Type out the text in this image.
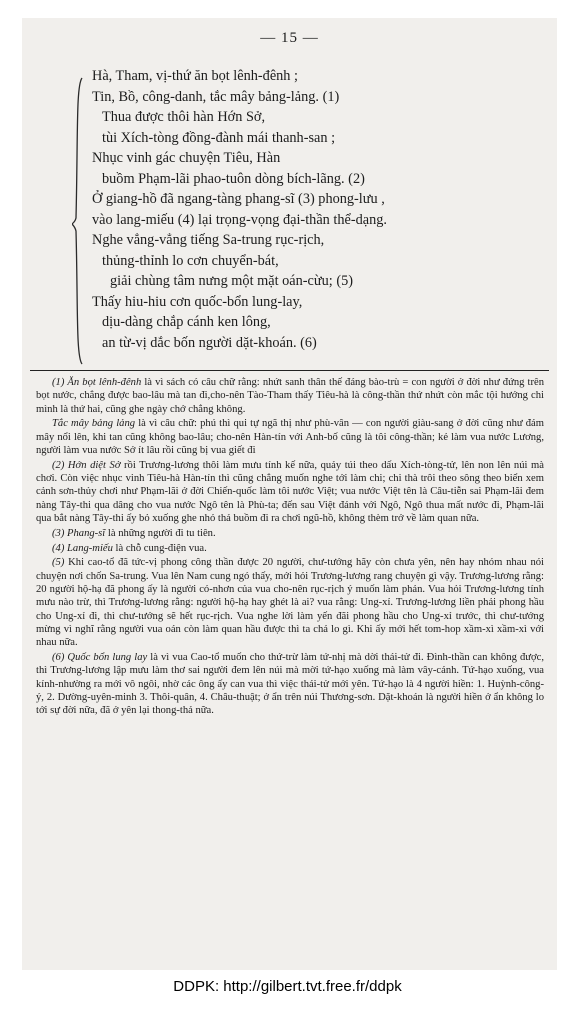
— 15 —
Hà, Tham, vị-thứ ăn bọt lênh-đênh ;
Tin, Bồ, công-danh, tắc mây bảng-lảng. (1)
Thua được thôi hàn Hớn Sở,
tùi Xích-tòng đồng-đành mái thanh-san ;
Nhục vinh gác chuyện Tiêu, Hàn
buồm Phạm-lãi phao-tuôn dòng bích-lãng. (2)
Ở giang-hồ đã ngang-tàng phang-sĩ (3) phong-lưu ,
vào lang-miếu (4) lại trọng-vọng đại-thần thể-dạng.
Nghe vẳng-vẳng tiếng Sa-trung rục-rịch,
thủng-thỉnh lo cơn chuyển-bát,
giải chùng tâm nưng một mặt oán-cừu; (5)
Thấy hiu-hiu cơn quốc-bổn lung-lay,
dịu-dàng chắp cánh ken lông,
an từ-vị dắc bốn người dặt-khoán. (6)

(1) Ăn bọt lênh-đênh là vì sách có câu chữ rằng: nhứt sanh thân thế đáng bào-trù = con người ở đời như đứng trên bọt nước, chẳng được bao-lâu mà tan đi,cho-nên Tào-Tham thấy Tiêu-hà là công-thần thứ nhứt còn mắc tội hướng chi mình là thứ hai, cũng ghe ngày chớ chẳng không.

Tắc mây bảng lảng là vì câu chữ: phú thì qui tự ngã thị như phù-vân — con người giàu-sang ở đời cũng như đám mây nổi lên, khi tan cũng không bao-lâu; cho-nên Hàn-tín với Anh-bố cũng là tôi công-thần; kẻ làm vua nước Lương, người làm vua nước Sở ít lâu rồi cũng bị vua giết đi

(2) Hớn diệt Sở rồi Trương-lương thôi làm mưu tính kế nữa, quảy túi theo dấu Xích-tòng-tử, lên non lên núi mà chơi. Còn việc nhục vinh Tiêu-hà Hàn-tín thì cũng chẳng muốn nghe tới làm chi; chi thà trôi theo sông theo biển xem cảnh sơn-thủy chơi như Phạm-lãi ở đời Chiến-quốc làm tôi nước Việt; vua nước Việt tên là Câu-tiễn sai Phạm-lãi đem nàng Tây-thi qua dâng cho vua nước Ngô tên là Phù-ta; đến sau Việt đánh với Ngô, Ngô thua mất nước đi, Phạm-lãi qua bắt nàng Tây-thi ấy bỏ xuống ghe nhỏ thả buồm đi ra chơi ngũ-hồ, không thèm trở về làm quan nữa.

(3) Phang-sĩ là những người đi tu tiên.

(4) Lang-miếu là chỗ cung-điện vua.

(5) Khi cao-tổ đã tức-vị phong công thần được 20 người, chư-tướng hãy còn chưa yên, nên hay nhóm nhau nói chuyện nơi chốn Sa-trung. Vua lên Nam cung ngó thấy, mới hỏi Trương-lương rang chuyện gì vậy. Trương-lương rằng: 20 người hộ-hạ đã phong ấy là người có-nhơn của vua cho-nên rục-rịch ý muốn làm phản. Vua hỏi Trương-lương tính mưu nào trừ, thì Trương-lương rằng: người hộ-hạ hay ghét là ai? vua rằng: Ung-xỉ. Trương-lương liền phải phong hầu cho Ung-xỉ đi, thì chư-tướng sẽ hết rục-rịch. Vua nghe lời làm yến đãi phong hầu cho Ung-xỉ trước, thì chư-tướng mừng vì nghĩ rằng người vua oán còn làm quan hầu được thì ta chả lo gì. Khi ấy mới hết tom-hop xầm-xì xầm-xì với nhau nữa.

(6) Quốc bổn lung lay là vì vua Cao-tổ muốn cho thứ-trừ làm tứ-nhị mà dời thái-tử đi. Đình-thần can không được, thì Trương-lương lập mưu làm thơ sai người đem lên núi mà mời tứ-hạo xuống mà làm vây-cánh. Tứ-hạo xuống, vua kính-nhường ra mới vô ngôi, nhờ các ông ấy can vua thì việc thái-tử mới yên. Tứ-hạo là 4 người hiền: 1. Huỳnh-công-ý, 2. Dường-uyên-minh 3. Thôi-quân, 4. Châu-thuật; ở ẩn trên núi Thương-sơn. Dặt-khoán là người hiền ở ẩn không lo tới sự đời nữa, đã ở yên lại thong-thả nữa.

DDPK: http://gilbert.tvt.free.fr/ddpk
